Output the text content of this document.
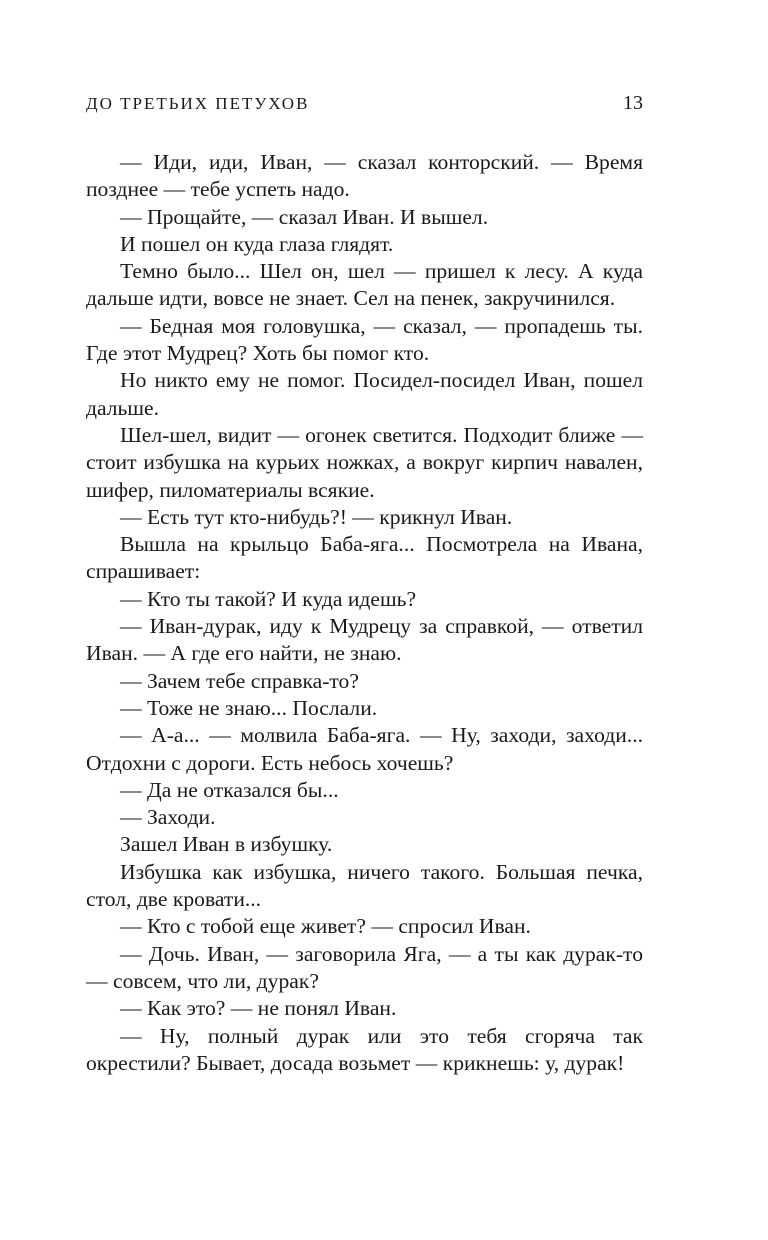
ДО ТРЕТЬИХ ПЕТУХОВ	13

— Иди, иди, Иван, — сказал конторский. — Время позднее — тебе успеть надо.

— Прощайте, — сказал Иван. И вышел.

И пошел он куда глаза глядят.

Темно было... Шел он, шел — пришел к лесу. А куда дальше идти, вовсе не знает. Сел на пенек, закручинился.

— Бедная моя головушка, — сказал, — пропадешь ты. Где этот Мудрец? Хоть бы помог кто.

Но никто ему не помог. Посидел-посидел Иван, пошел дальше.

Шел-шел, видит — огонек светится. Подходит ближе — стоит избушка на курьих ножках, а вокруг кирпич навален, шифер, пиломатериалы всякие.

— Есть тут кто-нибудь?! — крикнул Иван.

Вышла на крыльцо Баба-яга... Посмотрела на Ивана, спрашивает:

— Кто ты такой? И куда идешь?

— Иван-дурак, иду к Мудрецу за справкой, — ответил Иван. — А где его найти, не знаю.

— Зачем тебе справка-то?

— Тоже не знаю... Послали.

— А-а... — молвила Баба-яга. — Ну, заходи, заходи... Отдохни с дороги. Есть небось хочешь?

— Да не отказался бы...

— Заходи.

Зашел Иван в избушку.

Избушка как избушка, ничего такого. Большая печка, стол, две кровати...

— Кто с тобой еще живет? — спросил Иван.

— Дочь. Иван, — заговорила Яга, — а ты как дурак-то — совсем, что ли, дурак?

— Как это? — не понял Иван.

— Ну, полный дурак или это тебя сгоряча так окрестили? Бывает, досада возьмет — крикнешь: у, дурак!
